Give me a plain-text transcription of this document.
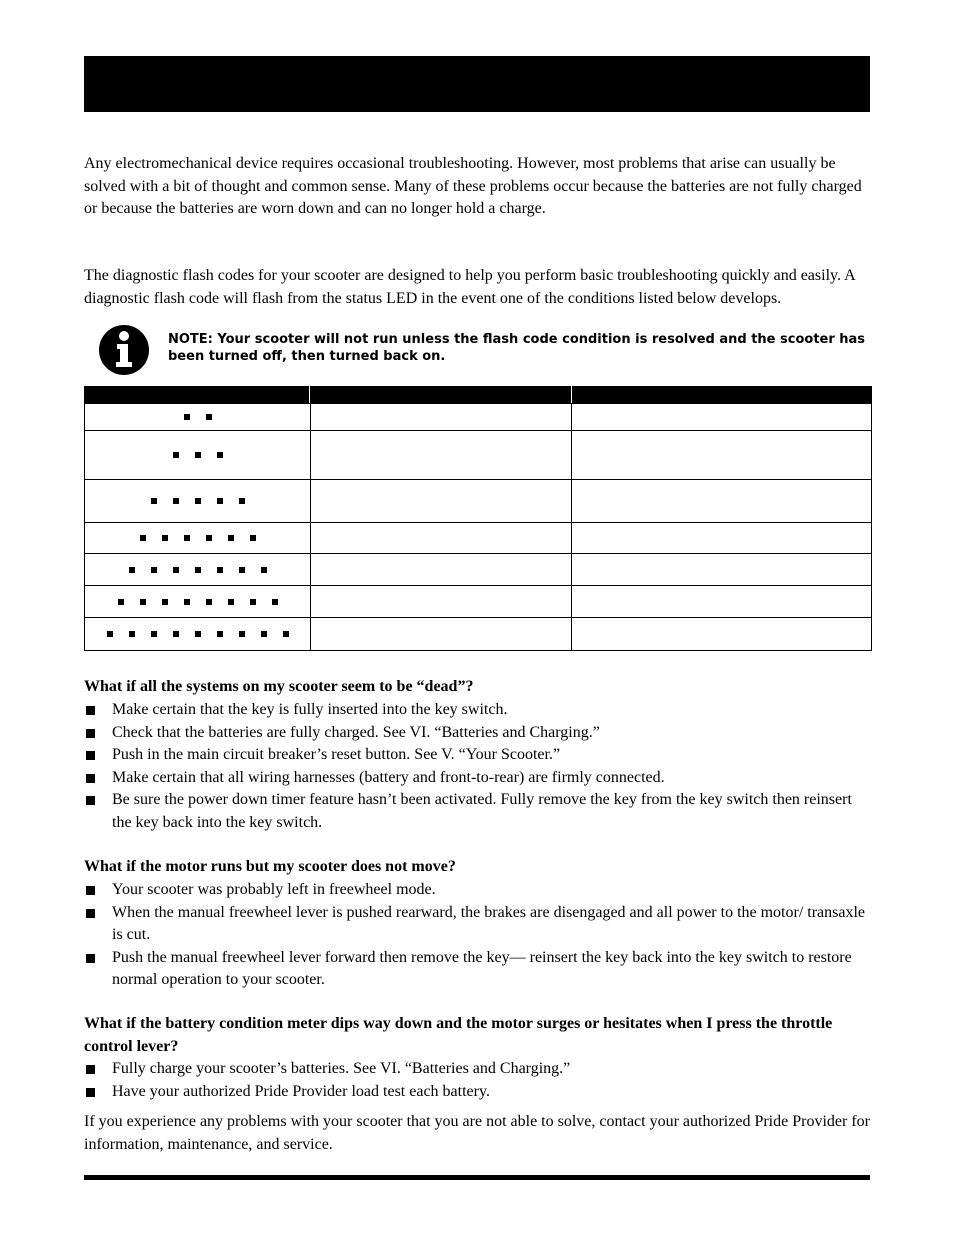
Any electromechanical device requires occasional troubleshooting. However, most problems that arise can usually be solved with a bit of thought and common sense. Many of these problems occur because the batteries are not fully charged or because the batteries are worn down and can no longer hold a charge.

The diagnostic flash codes for your scooter are designed to help you perform basic troubleshooting quickly and easily. A diagnostic flash code will flash from the status LED in the event one of the conditions listed below develops.

NOTE: Your scooter will not run unless the flash code condition is resolved and the scooter has been turned off, then turned back on.

What if all the systems on my scooter seem to be “dead”?

Make certain that the key is fully inserted into the key switch.
Check that the batteries are fully charged. See VI. “Batteries and Charging.”
Push in the main circuit breaker’s reset button. See V. “Your Scooter.”
Make certain that all wiring harnesses (battery and front-to-rear) are firmly connected.
Be sure the power down timer feature hasn’t been activated. Fully remove the key from the key switch then reinsert the key back into the key switch.

What if the motor runs but my scooter does not move?

Your scooter was probably left in freewheel mode.
When the manual freewheel lever is pushed rearward, the brakes are disengaged and all power to the motor/ transaxle is cut.
Push the manual freewheel lever forward then remove the key— reinsert the key back into the key switch to restore normal operation to your scooter.

What if the battery condition meter dips way down and the motor surges or hesitates when I press the throttle control lever?

Fully charge your scooter’s batteries. See VI. “Batteries and Charging.”
Have your authorized Pride Provider load test each battery.

If you experience any problems with your scooter that you are not able to solve, contact your authorized Pride Provider for information, maintenance, and service.
